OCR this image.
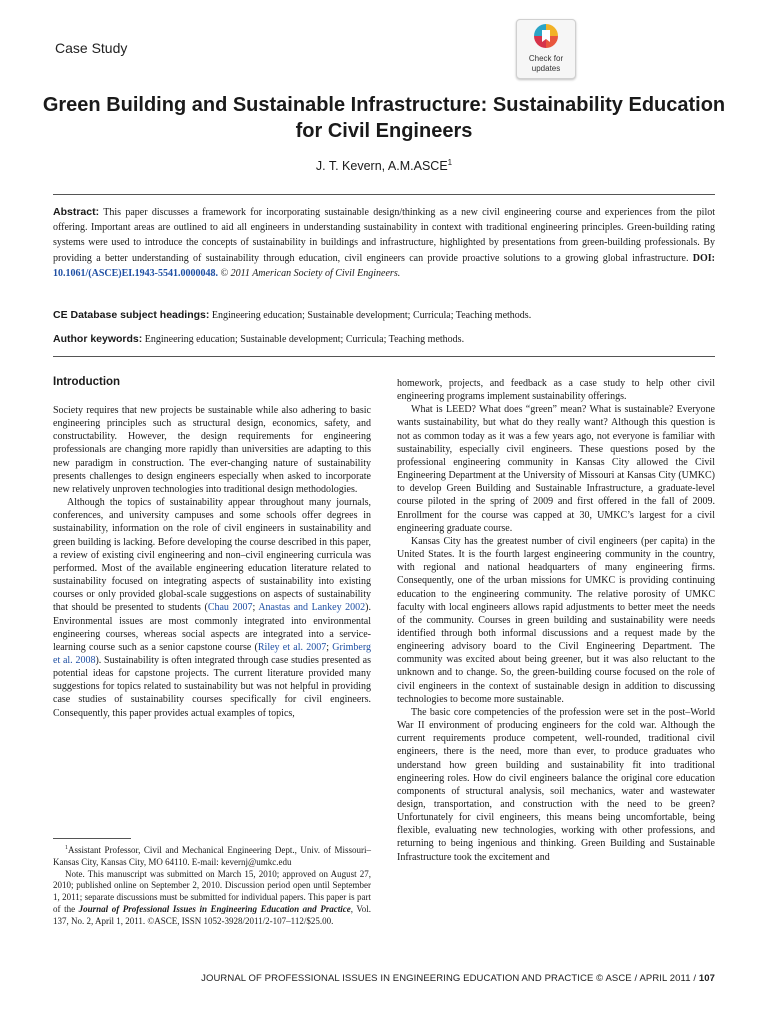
Case Study
Check for updates
Green Building and Sustainable Infrastructure: Sustainability Education for Civil Engineers
J. T. Kevern, A.M.ASCE$^1$
Abstract: This paper discusses a framework for incorporating sustainable design/thinking as a new civil engineering course and experiences from the pilot offering. Important areas are outlined to aid all engineers in understanding sustainability in context with traditional engineering principles. Green-building rating systems were used to introduce the concepts of sustainability in buildings and infrastructure, highlighted by presentations from green-building professionals. By providing a better understanding of sustainability through education, civil engineers can provide proactive solutions to a growing global infrastructure. DOI: 10.1061/(ASCE)EI.1943-5541.0000048. © 2011 American Society of Civil Engineers.
CE Database subject headings: Engineering education; Sustainable development; Curricula; Teaching methods.
Author keywords: Engineering education; Sustainable development; Curricula; Teaching methods.
Introduction

Society requires that new projects be sustainable while also adhering to basic engineering principles such as structural design, economics, safety, and constructability. However, the design requirements for engineering professionals are changing more rapidly than universities are adapting to this new paradigm in construction. The ever-changing nature of sustainability presents challenges to design engineers especially when asked to incorporate new relatively unproven technologies into traditional design methodologies.

Although the topics of sustainability appear throughout many journals, conferences, and university campuses and some schools offer degrees in sustainability, information on the role of civil engineers in sustainability and green building is lacking. Before developing the course described in this paper, a review of existing civil engineering and non–civil engineering curricula was performed. Most of the available engineering education literature related to sustainability focused on integrating aspects of sustainability into existing courses or only provided global-scale suggestions on aspects of sustainability that should be presented to students (Chau 2007; Anastas and Lankey 2002). Environmental issues are most commonly integrated into environmental engineering courses, whereas social aspects are integrated into a service-learning course such as a senior capstone course (Riley et al. 2007; Grimberg et al. 2008). Sustainability is often integrated through case studies presented as potential ideas for capstone projects. The current literature provided many suggestions for topics related to sustainability but was not helpful in providing case studies of sustainability courses specifically for civil engineers. Consequently, this paper provides actual examples of topics,

$^1$Assistant Professor, Civil and Mechanical Engineering Dept., Univ. of Missouri–Kansas City, Kansas City, MO 64110. E-mail: kevernj@umkc.edu

Note. This manuscript was submitted on March 15, 2010; approved on August 27, 2010; published online on September 2, 2010. Discussion period open until September 1, 2011; separate discussions must be submitted for individual papers. This paper is part of the Journal of Professional Issues in Engineering Education and Practice, Vol. 137, No. 2, April 1, 2011. ©ASCE, ISSN 1052-3928/2011/2-107–112/$25.00.

homework, projects, and feedback as a case study to help other civil engineering programs implement sustainability offerings.

What is LEED? What does “green” mean? What is sustainable? Everyone wants sustainability, but what do they really want? Although this question is not as common today as it was a few years ago, not everyone is familiar with sustainability, especially civil engineers. These questions posed by the professional engineering community in Kansas City allowed the Civil Engineering Department at the University of Missouri at Kansas City (UMKC) to develop Green Building and Sustainable Infrastructure, a graduate-level course piloted in the spring of 2009 and first offered in the fall of 2009. Enrollment for the course was capped at 30, UMKC’s largest for a civil engineering graduate course.

Kansas City has the greatest number of civil engineers (per capita) in the United States. It is the fourth largest engineering community in the country, with regional and national headquarters of many engineering firms. Consequently, one of the urban missions for UMKC is providing continuing education to the engineering community. The relative porosity of UMKC faculty with local engineers allows rapid adjustments to better meet the needs of the community. Courses in green building and sustainability were needs identified through both informal discussions and a request made by the engineering advisory board to the Civil Engineering Department. The community was excited about being greener, but it was also reluctant to the unknown and to change. So, the green-building course focused on the role of civil engineers in the context of sustainable design in addition to discussing technologies to become more sustainable.

The basic core competencies of the profession were set in the post–World War II environment of producing engineers for the cold war. Although the current requirements produce competent, well-rounded, traditional civil engineers, there is the need, more than ever, to produce graduates who understand how green building and sustainability fit into traditional engineering roles. How do civil engineers balance the original core education components of structural analysis, soil mechanics, water and wastewater design, transportation, and construction with the need to be green? Unfortunately for civil engineers, this means being uncomfortable, being flexible, evaluating new technologies, working with other professions, and returning to being ingenious and thinking. Green Building and Sustainable Infrastructure took the excitement and

JOURNAL OF PROFESSIONAL ISSUES IN ENGINEERING EDUCATION AND PRACTICE © ASCE / APRIL 2011 / 107
